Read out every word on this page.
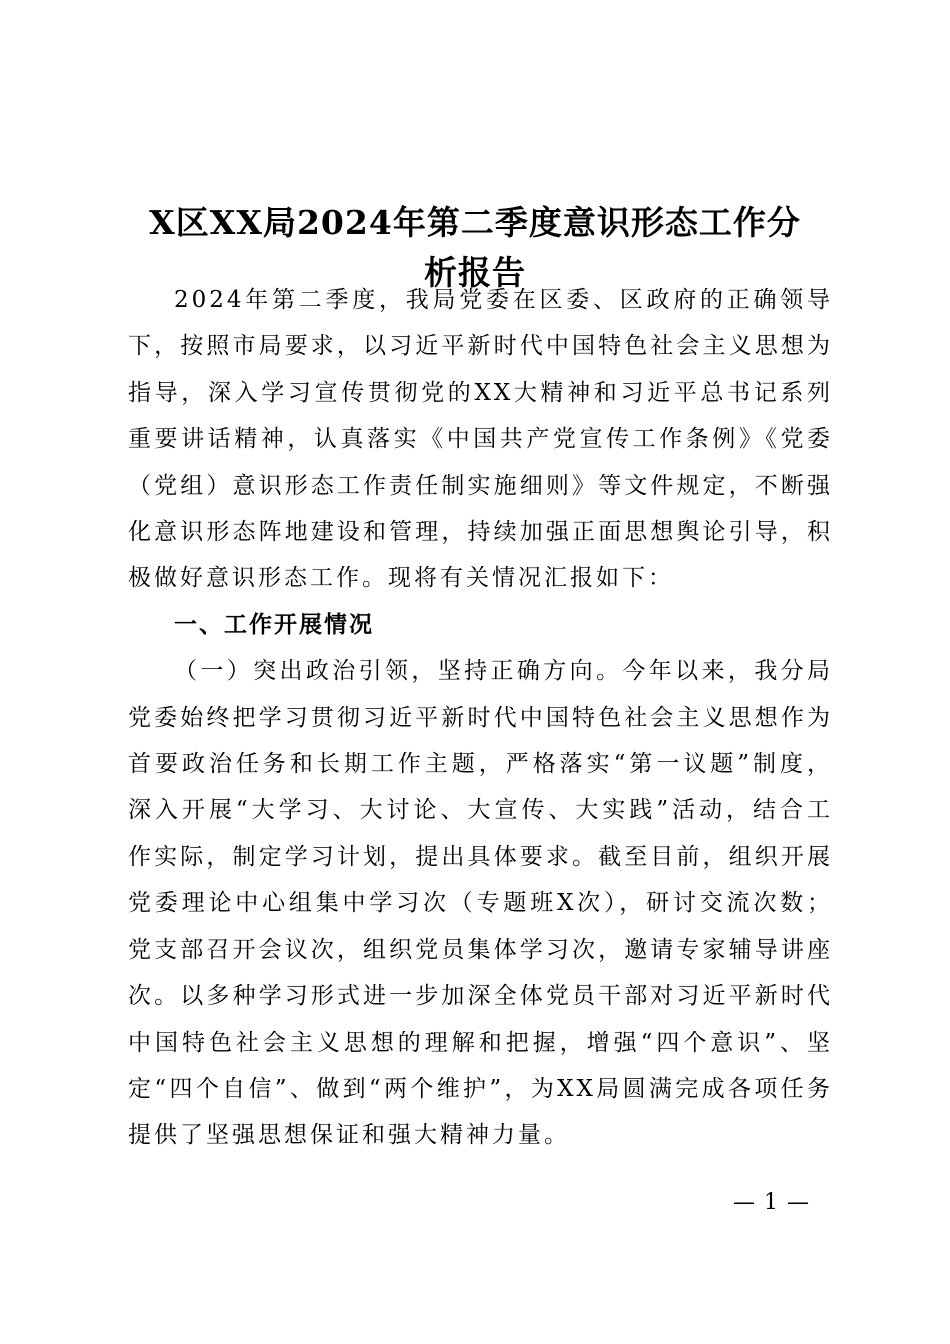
X区XX局2024年第二季度意识形态工作分
析报告

2024年第二季度，我局党委在区委、区政府的正确领导下，按照市局要求，以习近平新时代中国特色社会主义思想为指导，深入学习宣传贯彻党的XX大精神和习近平总书记系列重要讲话精神，认真落实《中国共产党宣传工作条例》《党委（党组）意识形态工作责任制实施细则》等文件规定，不断强化意识形态阵地建设和管理，持续加强正面思想舆论引导，积极做好意识形态工作。现将有关情况汇报如下：

一、工作开展情况

（一）突出政治引领，坚持正确方向。今年以来，我分局党委始终把学习贯彻习近平新时代中国特色社会主义思想作为首要政治任务和长期工作主题，严格落实“第一议题”制度，深入开展“大学习、大讨论、大宣传、大实践”活动，结合工作实际，制定学习计划，提出具体要求。截至目前，组织开展党委理论中心组集中学习次（专题班X次），研讨交流次数；党支部召开会议次，组织党员集体学习次，邀请专家辅导讲座次。以多种学习形式进一步加深全体党员干部对习近平新时代中国特色社会主义思想的理解和把握，增强“四个意识”、坚定“四个自信”、做到“两个维护”，为XX局圆满完成各项任务提供了坚强思想保证和强大精神力量。

— 1 —
